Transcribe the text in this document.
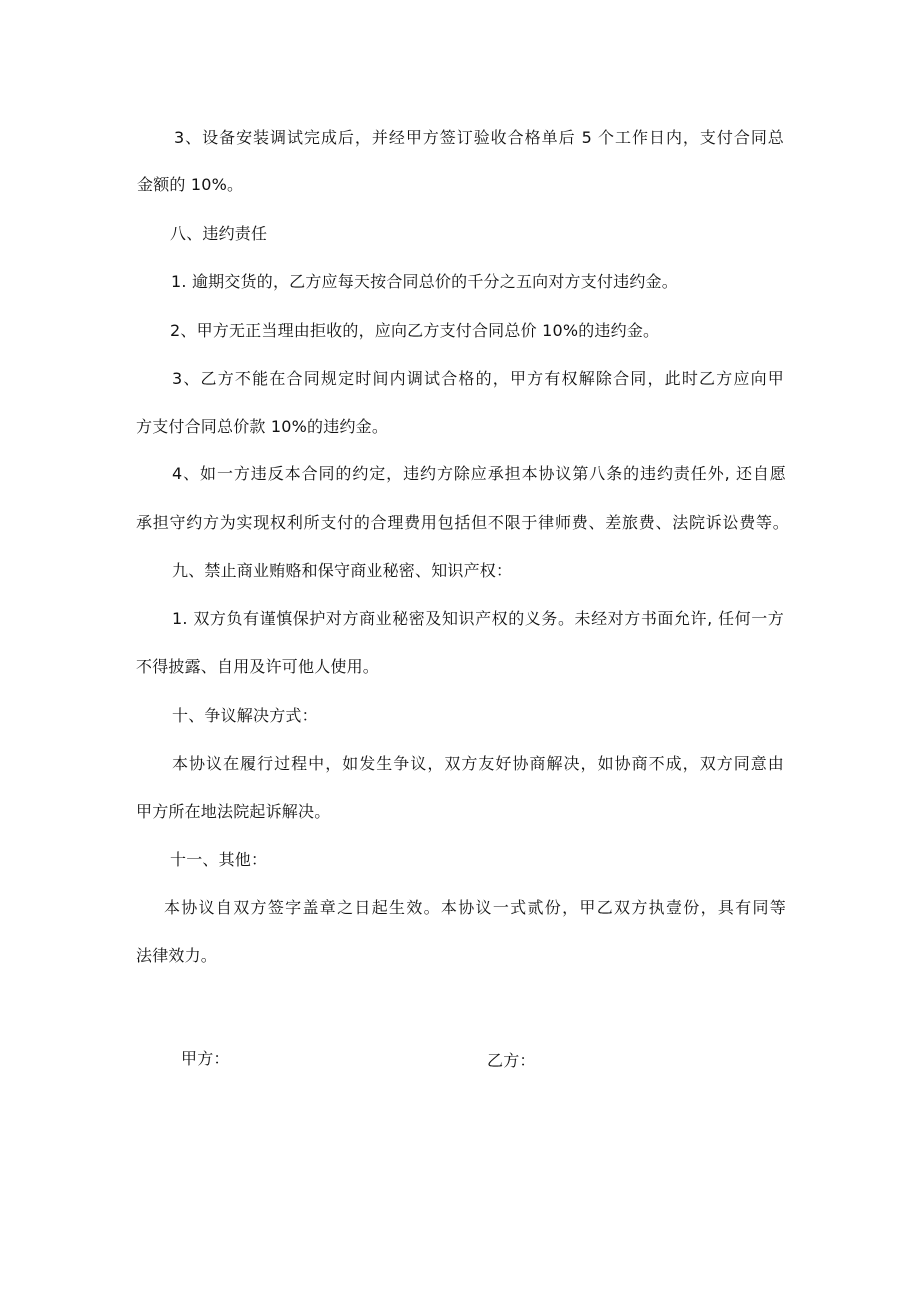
3、设备安装调试完成后，并经甲方签订验收合格单后 5 个工作日内，支付合同总
金额的 10%。
八、违约责任
1. 逾期交货的，乙方应每天按合同总价的千分之五向对方支付违约金。
2、甲方无正当理由拒收的，应向乙方支付合同总价 10%的违约金。
3、乙方不能在合同规定时间内调试合格的，甲方有权解除合同，此时乙方应向甲
方支付合同总价款 10%的违约金。
4、如一方违反本合同的约定，违约方除应承担本协议第八条的违约责任外, 还自愿
承担守约方为实现权利所支付的合理费用包括但不限于律师费、差旅费、法院诉讼费等。
九、禁止商业贿赂和保守商业秘密、知识产权：
1. 双方负有谨慎保护对方商业秘密及知识产权的义务。未经对方书面允许, 任何一方
不得披露、自用及许可他人使用。
十、争议解决方式：
本协议在履行过程中，如发生争议，双方友好协商解决，如协商不成，双方同意由
甲方所在地法院起诉解决。
十一、其他：
本协议自双方签字盖章之日起生效。本协议一式贰份，甲乙双方执壹份，具有同等
法律效力。
甲方：	乙方：
